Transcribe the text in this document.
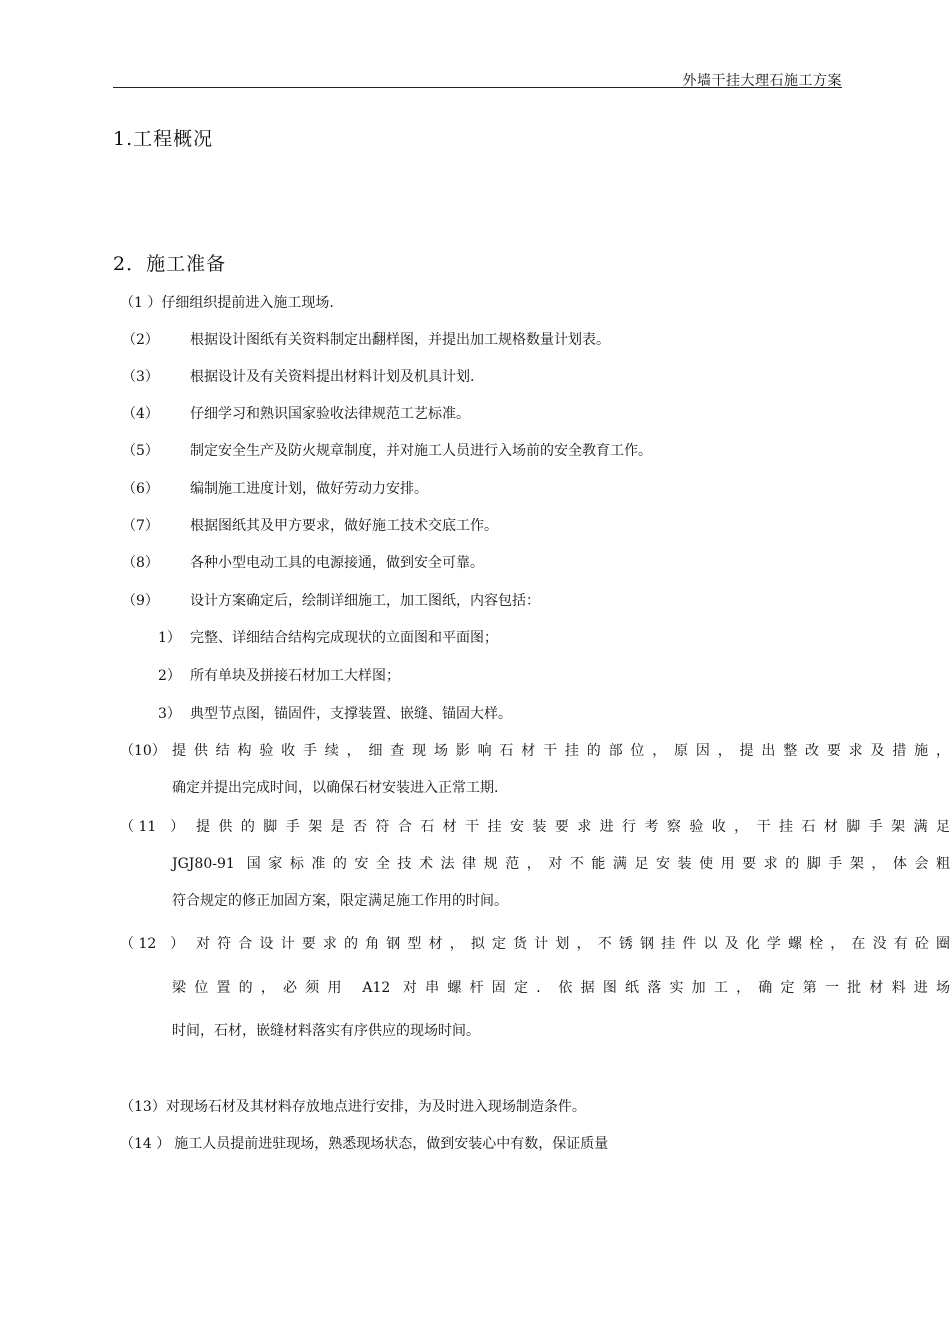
外墙干挂大理石施工方案
1.工程概况
2．施工准备
（1 ）仔细组织提前进入施工现场.
（2） 根据设计图纸有关资料制定出翻样图，并提出加工规格数量计划表。
（3） 根据设计及有关资料提出材料计划及机具计划.
（4） 仔细学习和熟识国家验收法律规范工艺标准。
（5） 制定安全生产及防火规章制度，并对施工人员进行入场前的安全教育工作。
（6） 编制施工进度计划，做好劳动力安排。
（7） 根据图纸其及甲方要求，做好施工技术交底工作。
（8） 各种小型电动工具的电源接通，做到安全可靠。
（9） 设计方案确定后，绘制详细施工，加工图纸，内容包括：
1） 完整、详细结合结构完成现状的立面图和平面图；
2） 所有单块及拼接石材加工大样图；
3） 典型节点图，锚固件，支撑装置、嵌缝、锚固大样。
（10） 提供结构验收手续，细查现场影响石材干挂的部位，原因，提出整改要求及措施，
确定并提出完成时间，以确保石材安装进入正常工期.
（ 11　） 提供的脚手架是否符合石材干挂安装要求进行考察验收，干挂石材脚手架满足
JGJ80-91 国家标准的安全技术法律规范，对不能满足安装使用要求的脚手架，体会粗
符合规定的修正加固方案，限定满足施工作用的时间。
（ 12　） 对符合设计要求的角钢型材，拟定货计划，不锈钢挂件以及化学螺栓，在没有砼圈
梁位置的，必须用 A12 对串螺杆固定．依据图纸落实加工，确定第一批材料进场
时间，石材，嵌缝材料落实有序供应的现场时间。
（13）对现场石材及其材料存放地点进行安排，为及时进入现场制造条件。
（14 ） 施工人员提前进驻现场，熟悉现场状态，做到安装心中有数，保证质量
